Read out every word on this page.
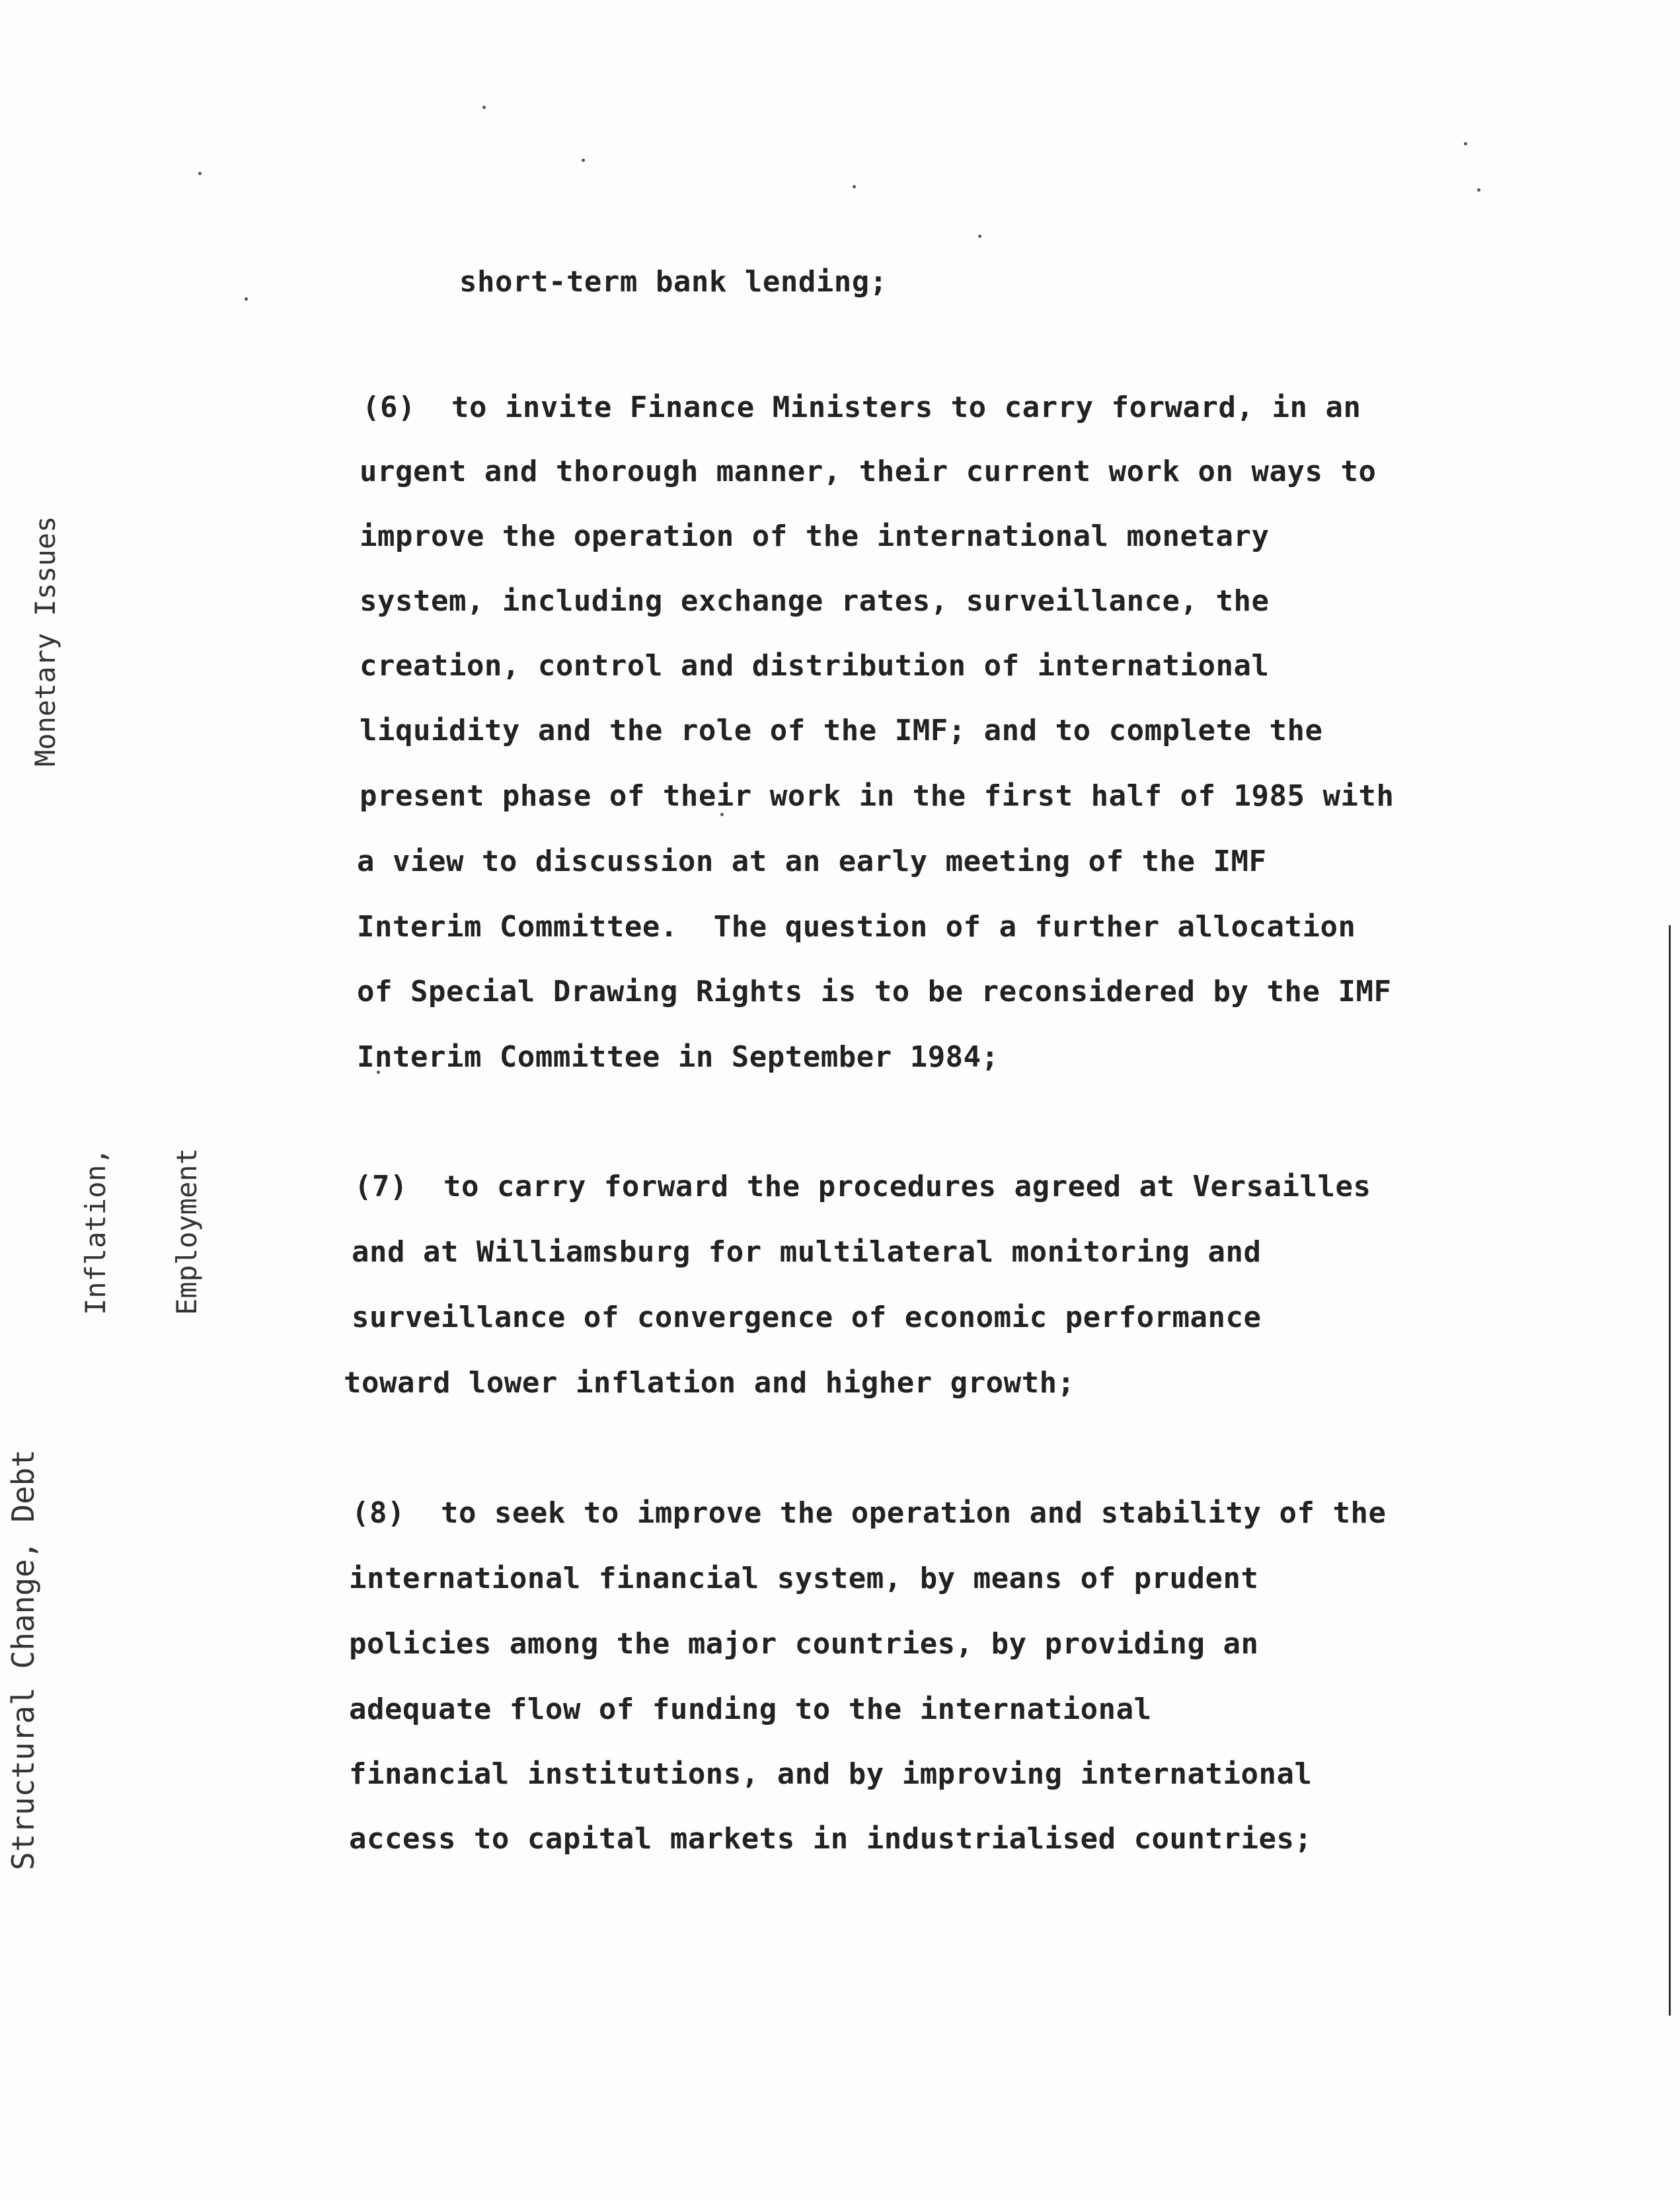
Monetary Issues

Inflation,

Employment

Structural Change, Debt
short-term bank lending;
(6)  to invite Finance Ministers to carry forward, in an
urgent and thorough manner, their current work on ways to
improve the operation of the international monetary
system, including exchange rates, surveillance, the
creation, control and distribution of international
liquidity and the role of the IMF; and to complete the
present phase of their work in the first half of 1985 with
a view to discussion at an early meeting of the IMF
Interim Committee.  The question of a further allocation
of Special Drawing Rights is to be reconsidered by the IMF
Interim Committee in September 1984;
(7)  to carry forward the procedures agreed at Versailles
and at Williamsburg for multilateral monitoring and
surveillance of convergence of economic performance
toward lower inflation and higher growth;
(8)  to seek to improve the operation and stability of the
international financial system, by means of prudent
policies among the major countries, by providing an
adequate flow of funding to the international
financial institutions, and by improving international
access to capital markets in industrialised countries;
